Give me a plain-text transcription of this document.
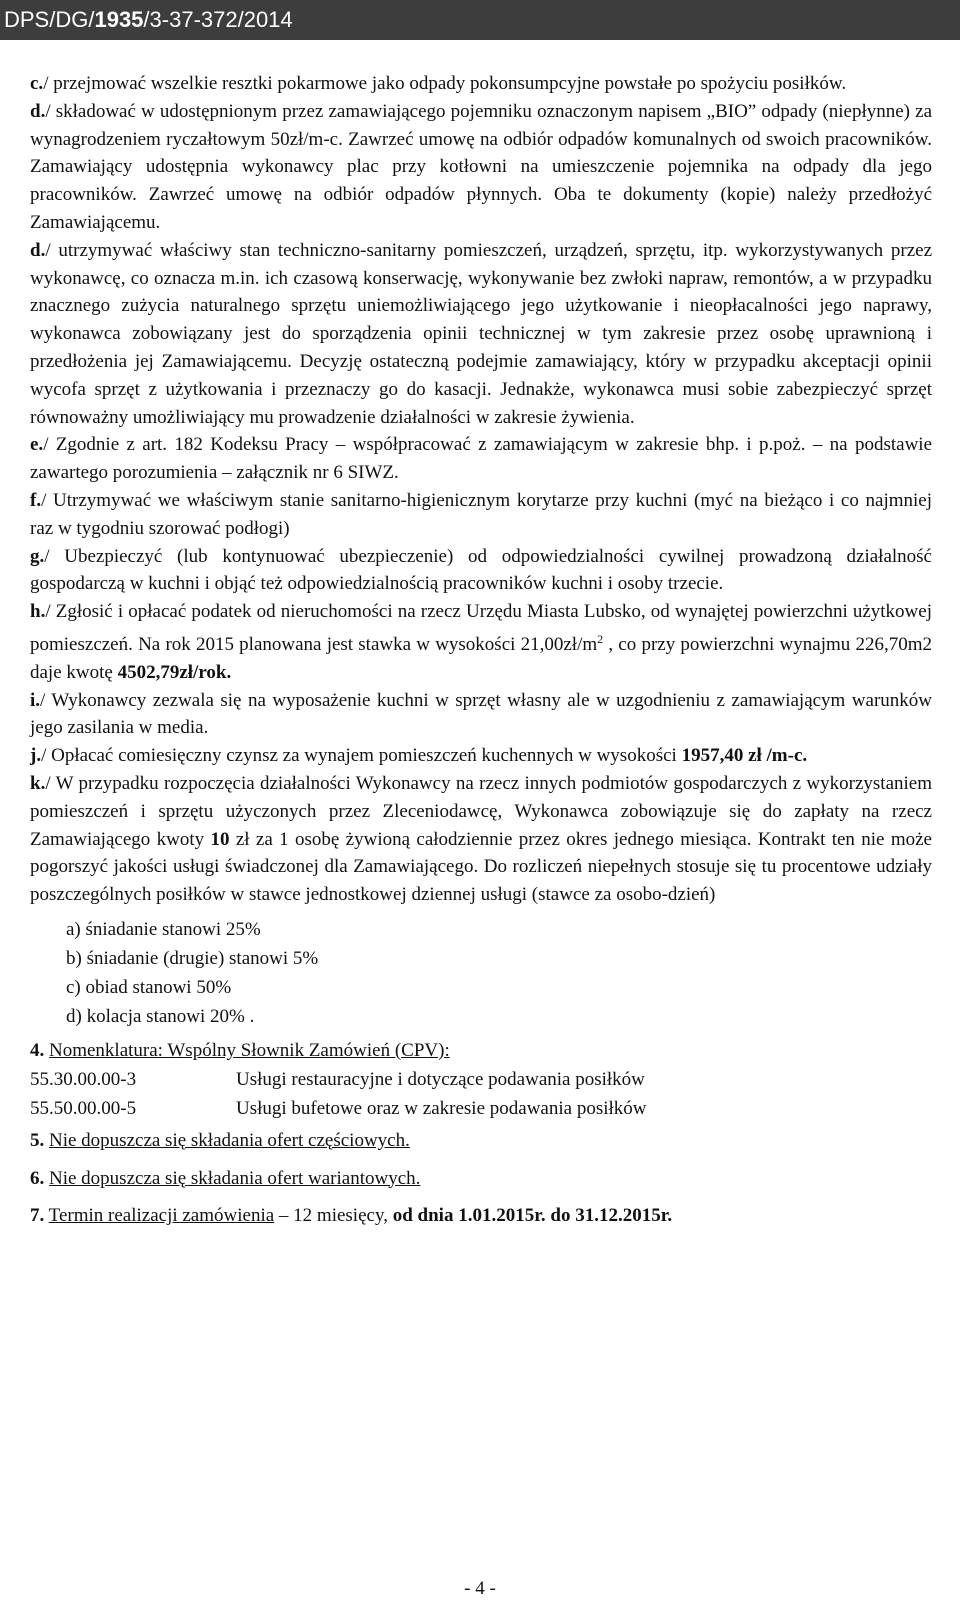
DPS/DG/1935/3-37-372/2014

c./ przejmować wszelkie resztki pokarmowe jako odpady pokonsumpcyjne powstałe po spożyciu posiłków.

d./ składować w udostępnionym przez zamawiającego pojemniku oznaczonym napisem „BIO” odpady (niepłynne) za wynagrodzeniem ryczałtowym 50zł/m-c. Zawrzeć umowę na odbiór odpadów komunalnych od swoich pracowników. Zamawiający udostępnia wykonawcy plac przy kotłowni na umieszczenie pojemnika na odpady dla jego pracowników. Zawrzeć umowę na odbiór odpadów płynnych. Oba te dokumenty (kopie) należy przedłożyć Zamawiającemu.

d./ utrzymywać właściwy stan techniczno-sanitarny pomieszczeń, urządzeń, sprzętu, itp. wykorzystywanych przez wykonawcę, co oznacza m.in. ich czasową konserwację, wykonywanie bez zwłoki napraw, remontów, a w przypadku znacznego zużycia naturalnego sprzętu uniemożliwiającego jego użytkowanie i nieopłacalności jego naprawy, wykonawca zobowiązany jest do sporządzenia opinii technicznej w tym zakresie przez osobę uprawnioną i przedłożenia jej Zamawiającemu. Decyzję ostateczną podejmie zamawiający, który w przypadku akceptacji opinii wycofa sprzęt z użytkowania i przeznaczy go do kasacji. Jednakże, wykonawca musi sobie zabezpieczyć sprzęt równoważny umożliwiający mu prowadzenie działalności w zakresie żywienia.

e./ Zgodnie z art. 182 Kodeksu Pracy – współpracować z zamawiającym w zakresie bhp. i p.poż. – na podstawie zawartego porozumienia – załącznik nr 6 SIWZ.

f./ Utrzymywać we właściwym stanie sanitarno-higienicznym korytarze przy kuchni (myć na bieżąco i co najmniej raz w tygodniu szorować podłogi)

g./ Ubezpieczyć (lub kontynuować ubezpieczenie) od odpowiedzialności cywilnej prowadzoną działalność gospodarczą w kuchni i objąć też odpowiedzialnością pracowników kuchni i osoby trzecie.

h./ Zgłosić i opłacać podatek od nieruchomości na rzecz Urzędu Miasta Lubsko, od wynajętej powierzchni użytkowej pomieszczeń. Na rok 2015 planowana jest stawka w wysokości $21,00zł/m^2$ , co przy powierzchni wynajmu 226,70m2 daje kwotę 4502,79zł/rok.

i./ Wykonawcy zezwala się na wyposażenie kuchni w sprzęt własny ale w uzgodnieniu z zamawiającym warunków jego zasilania w media.

j./ Opłacać comiesięczny czynsz za wynajem pomieszczeń kuchennych w wysokości 1957,40 zł /m-c.

k./ W przypadku rozpoczęcia działalności Wykonawcy na rzecz innych podmiotów gospodarczych z wykorzystaniem pomieszczeń i sprzętu użyczonych przez Zleceniodawcę, Wykonawca zobowiązuje się do zapłaty na rzecz Zamawiającego kwoty 10 zł za 1 osobę żywioną całodziennie przez okres jednego miesiąca. Kontrakt ten nie może pogorszyć jakości usługi świadczonej dla Zamawiającego. Do rozliczeń niepełnych stosuje się tu procentowe udziały poszczególnych posiłków w stawce jednostkowej dziennej usługi (stawce za osobo-dzień)

a) śniadanie stanowi 25%
b) śniadanie (drugie) stanowi 5%
c) obiad stanowi 50%
d) kolacja stanowi 20% .

4. Nomenklatura: Wspólny Słownik Zamówień (CPV):

55.30.00.00-3	Usługi restauracyjne i dotyczące podawania posiłków

55.50.00.00-5	Usługi bufetowe oraz w zakresie podawania posiłków

5. Nie dopuszcza się składania ofert częściowych.

6. Nie dopuszcza się składania ofert wariantowych.

7. Termin realizacji zamówienia – 12 miesięcy, od dnia 1.01.2015r. do 31.12.2015r.

- 4 -
